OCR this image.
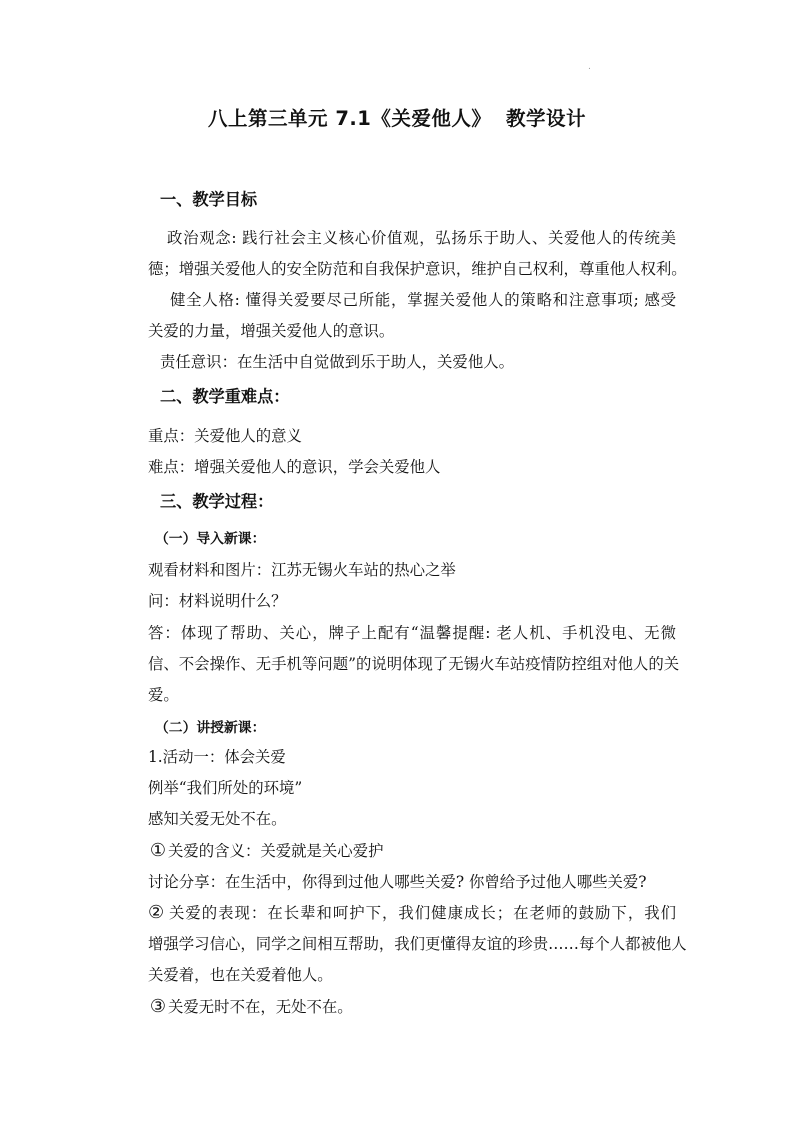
.
八上第三单元 7.1《关爱他人》  教学设计
一、教学目标
政治观念: 践行社会主义核心价值观，弘扬乐于助人、关爱他人的传统美
德；增强关爱他人的安全防范和自我保护意识，维护自己权利，尊重他人权利。
健全人格: 懂得关爱要尽己所能，掌握关爱他人的策略和注意事项; 感受
关爱的力量，增强关爱他人的意识。
责任意识：在生活中自觉做到乐于助人，关爱他人。
二、教学重难点：
重点：关爱他人的意义
难点：增强关爱他人的意识，学会关爱他人
三、教学过程：
（一）导入新课：
观看材料和图片：江苏无锡火车站的热心之举
问：材料说明什么？
答：体现了帮助、关心，牌子上配有“温馨提醒: 老人机、手机没电、无微
信、不会操作、无手机等问题”的说明体现了无锡火车站疫情防控组对他人的关
爱。
（二）讲授新课：
1.活动一：体会关爱
例举“我们所处的环境”
感知关爱无处不在。
① 关爱的含义：关爱就是关心爱护
讨论分享：在生活中，你得到过他人哪些关爱? 你曾给予过他人哪些关爱?
② 关爱的表现：在长辈和呵护下，我们健康成长；在老师的鼓励下，我们
增强学习信心，同学之间相互帮助，我们更懂得友谊的珍贵……每个人都被他人
关爱着，也在关爱着他人。
③ 关爱无时不在，无处不在。
